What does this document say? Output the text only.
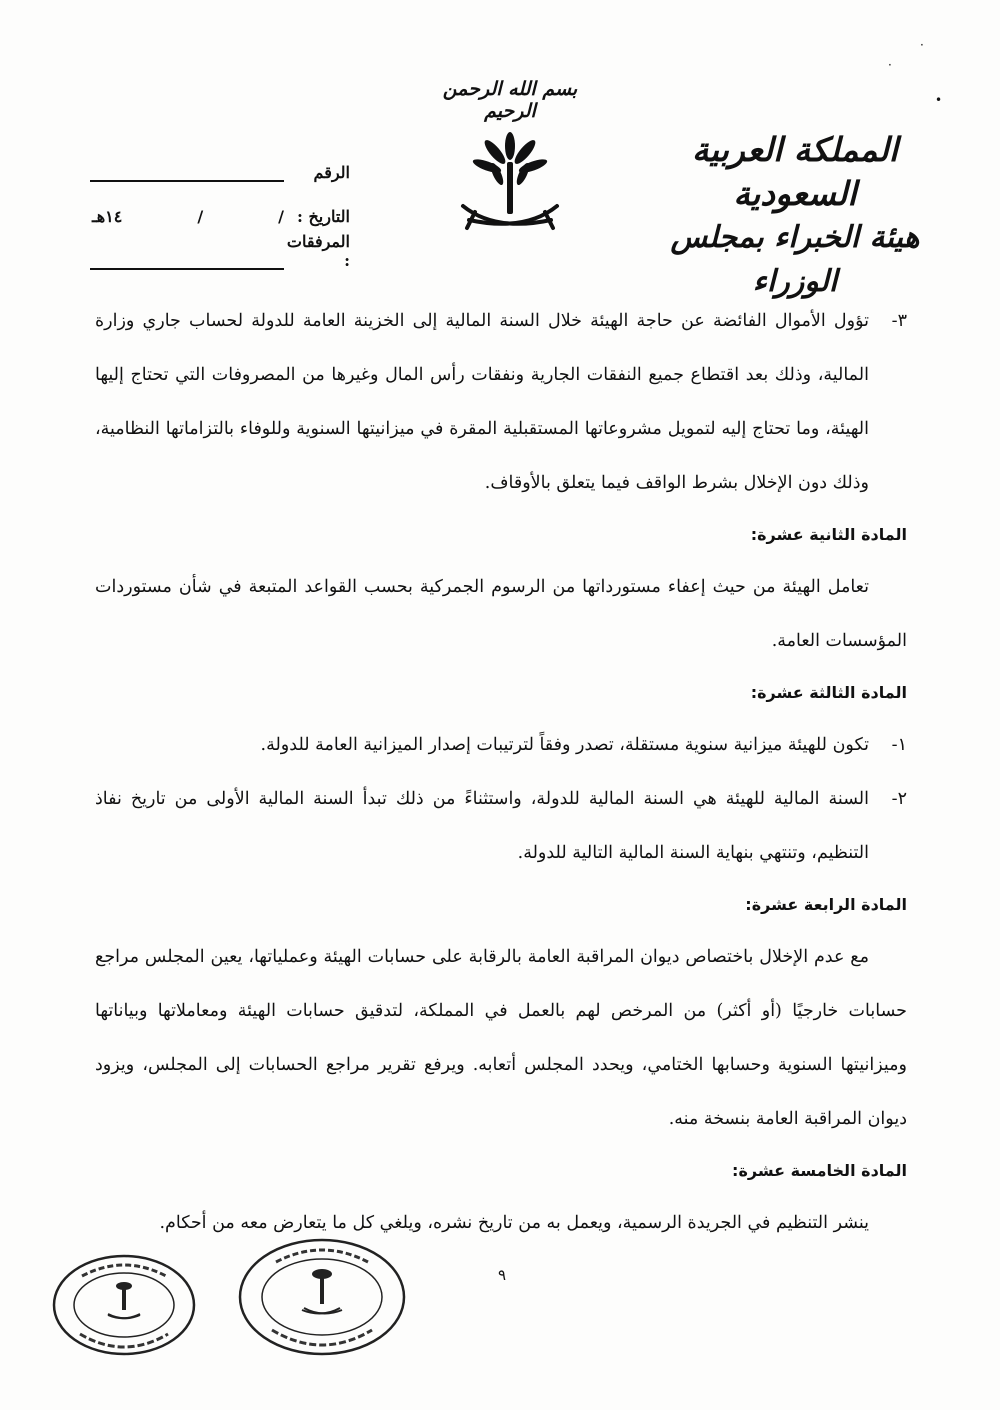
بسم الله الرحمن الرحيم
المملكة العربية السعودية
هيئة الخبراء بمجلس الوزراء
الرقم
التاريخ :
/
/
١٤هـ
المرفقات :
٣-
تؤول الأموال الفائضة عن حاجة الهيئة خلال السنة المالية إلى الخزينة العامة للدولة لحساب جاري وزارة المالية، وذلك بعد اقتطاع جميع النفقات الجارية ونفقات رأس المال وغيرها من المصروفات التي تحتاج إليها الهيئة، وما تحتاج إليه لتمويل مشروعاتها المستقبلية المقرة في ميزانيتها السنوية وللوفاء بالتزاماتها النظامية، وذلك دون الإخلال بشرط الواقف فيما يتعلق بالأوقاف.

المادة الثانية عشرة:

تعامل الهيئة من حيث إعفاء مستورداتها من الرسوم الجمركية بحسب القواعد المتبعة في شأن مستوردات المؤسسات العامة.

المادة الثالثة عشرة:

١-
تكون للهيئة ميزانية سنوية مستقلة، تصدر وفقاً لترتيبات إصدار الميزانية العامة للدولة.
٢-
السنة المالية للهيئة هي السنة المالية للدولة، واستثناءً من ذلك تبدأ السنة المالية الأولى من تاريخ نفاذ التنظيم، وتنتهي بنهاية السنة المالية التالية للدولة.

المادة الرابعة عشرة:

مع عدم الإخلال باختصاص ديوان المراقبة العامة بالرقابة على حسابات الهيئة وعملياتها، يعين المجلس مراجع حسابات خارجيًا (أو أكثر) من المرخص لهم بالعمل في المملكة، لتدقيق حسابات الهيئة ومعاملاتها وبياناتها وميزانيتها السنوية وحسابها الختامي، ويحدد المجلس أتعابه. ويرفع تقرير مراجع الحسابات إلى المجلس، ويزود ديوان المراقبة العامة بنسخة منه.

المادة الخامسة عشرة:

ينشر التنظيم في الجريدة الرسمية، ويعمل به من تاريخ نشره، ويلغي كل ما يتعارض معه من أحكام.

٩
·
•
·
